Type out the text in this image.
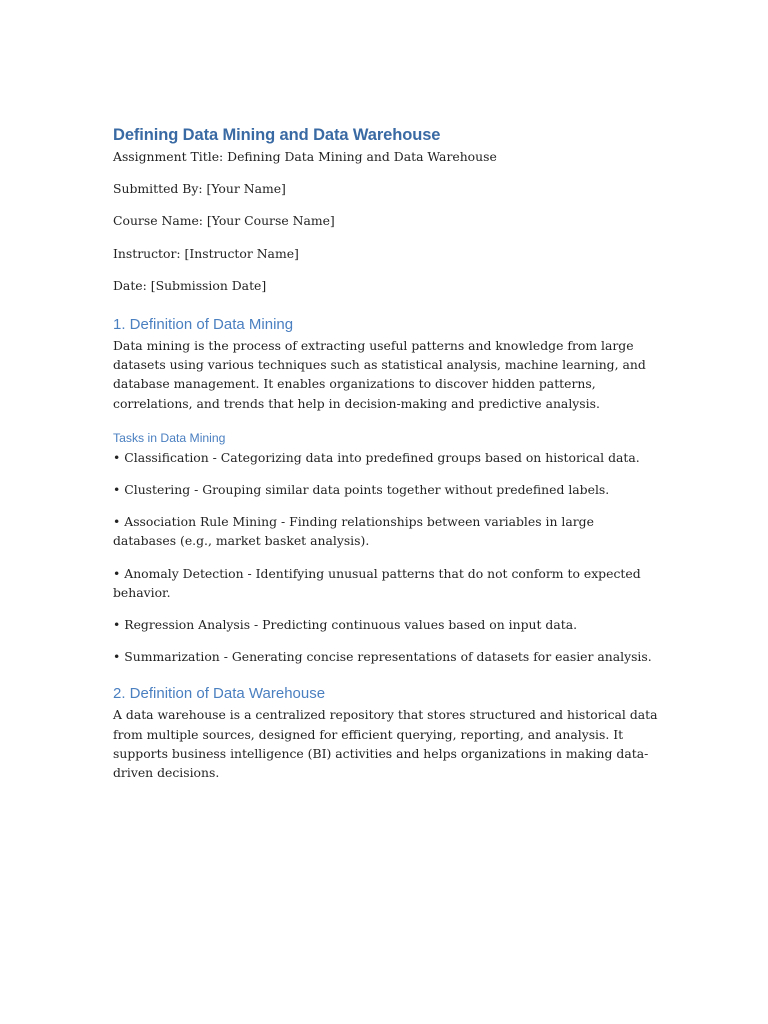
Defining Data Mining and Data Warehouse

Assignment Title: Defining Data Mining and Data Warehouse

Submitted By: [Your Name]

Course Name: [Your Course Name]

Instructor: [Instructor Name]

Date: [Submission Date]

1. Definition of Data Mining

Data mining is the process of extracting useful patterns and knowledge from large datasets using various techniques such as statistical analysis, machine learning, and database management. It enables organizations to discover hidden patterns, correlations, and trends that help in decision-making and predictive analysis.

Tasks in Data Mining

• Classification - Categorizing data into predefined groups based on historical data.

• Clustering - Grouping similar data points together without predefined labels.

• Association Rule Mining - Finding relationships between variables in large databases (e.g., market basket analysis).

• Anomaly Detection - Identifying unusual patterns that do not conform to expected behavior.

• Regression Analysis - Predicting continuous values based on input data.

• Summarization - Generating concise representations of datasets for easier analysis.

2. Definition of Data Warehouse

A data warehouse is a centralized repository that stores structured and historical data from multiple sources, designed for efficient querying, reporting, and analysis. It supports business intelligence (BI) activities and helps organizations in making data-driven decisions.
